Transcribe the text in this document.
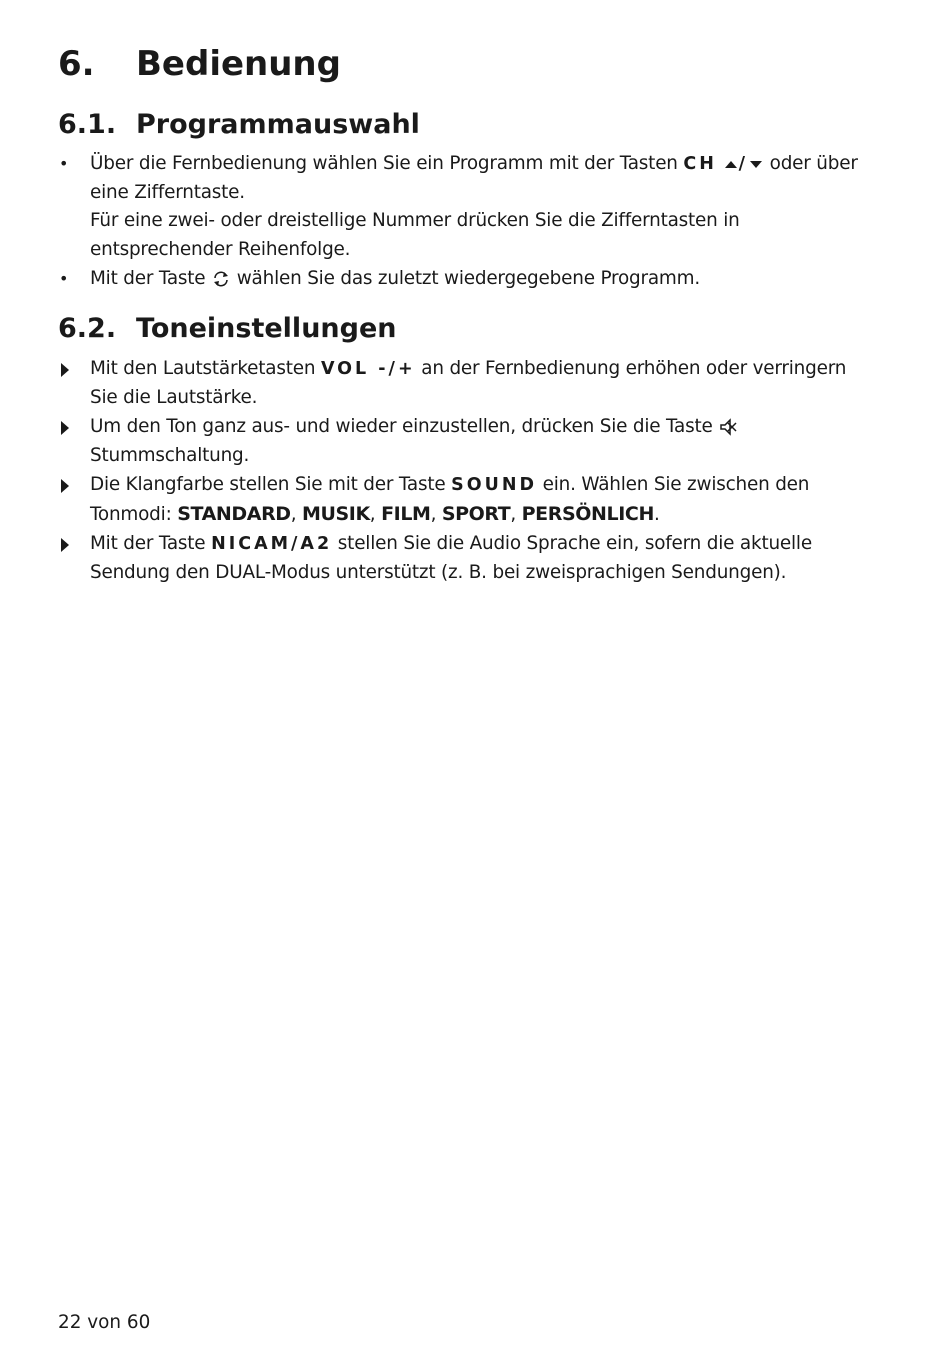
6. Bedienung
6.1. Programmauswahl
•	Über die Fernbedienung wählen Sie ein Programm mit der Tasten CH / oder über eine Zifferntaste.
Für eine zwei- oder dreistellige Nummer drücken Sie die Zifferntasten in entsprechender Reihenfolge.
•	Mit der Taste wählen Sie das zuletzt wiedergegebene Programm.
6.2. Toneinstellungen
Mit den Lautstärketasten VOL -/+ an der Fernbedienung erhöhen oder verringern Sie die Lautstärke.
Um den Ton ganz aus- und wieder einzustellen, drücken Sie die Taste  Stummschaltung.
Die Klangfarbe stellen Sie mit der Taste SOUND ein. Wählen Sie zwischen den Tonmodi: STANDARD, MUSIK, FILM, SPORT, PERSÖNLICH.
Mit der Taste NICAM/A2 stellen Sie die Audio Sprache ein, sofern die aktuelle Sendung den DUAL-Modus unterstützt (z. B. bei zweisprachigen Sendungen).
22 von 60
